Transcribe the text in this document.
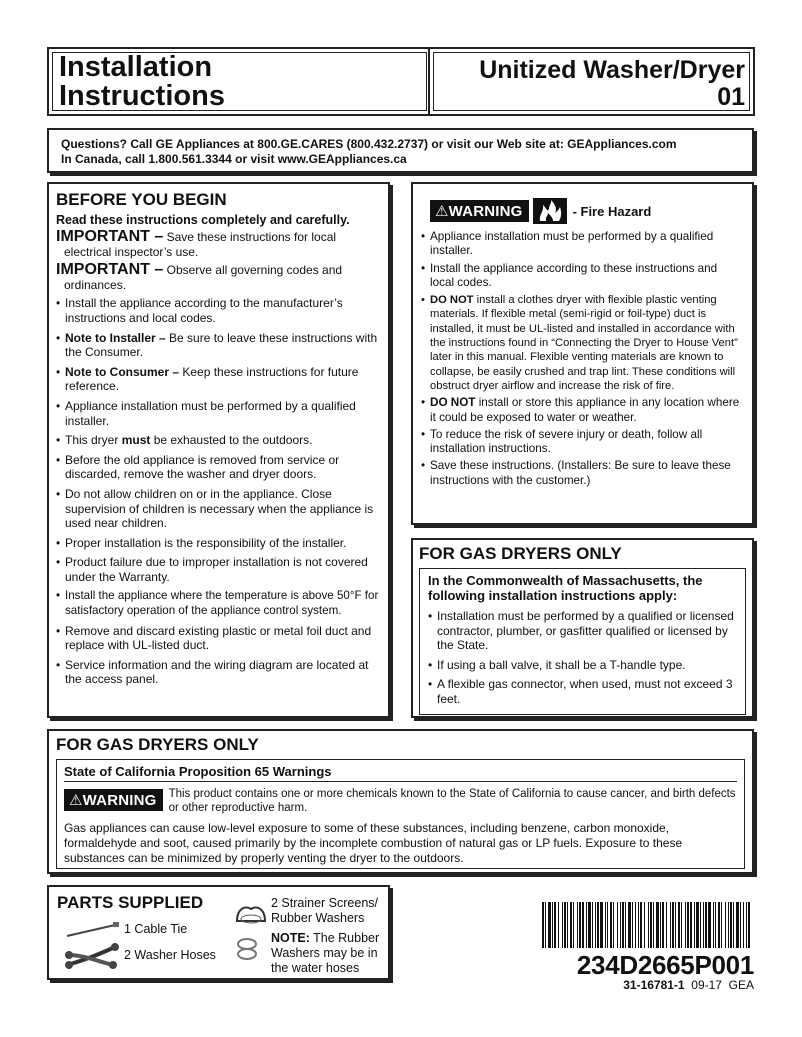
Installation
Instructions
Unitized Washer/Dryer
01
Questions? Call GE Appliances at 800.GE.CARES (800.432.2737) or visit our Web site at: GEAppliances.com
In Canada, call 1.800.561.3344 or visit www.GEAppliances.ca
BEFORE YOU BEGIN
Read these instructions completely and carefully.
IMPORTANT – Save these instructions for local electrical inspector’s use.
IMPORTANT – Observe all governing codes and ordinances.
• Install the appliance according to the manufacturer’s instructions and local codes.
• Note to Installer – Be sure to leave these instructions with the Consumer.
• Note to Consumer – Keep these instructions for future reference.
• Appliance installation must be performed by a qualified installer.
• This dryer must be exhausted to the outdoors.
• Before the old appliance is removed from service or discarded, remove the washer and dryer doors.
• Do not allow children on or in the appliance. Close supervision of children is necessary when the appliance is used near children.
• Proper installation is the responsibility of the installer.
• Product failure due to improper installation is not covered under the Warranty.
• Install the appliance where the temperature is above 50°F for satisfactory operation of the appliance control system.
• Remove and discard existing plastic or metal foil duct and replace with UL-listed duct.
• Service information and the wiring diagram are located at the access panel.
⚠WARNING	- Fire Hazard
• Appliance installation must be performed by a qualified installer.
• Install the appliance according to these instructions and local codes.
• DO NOT install a clothes dryer with flexible plastic venting materials. If flexible metal (semi-rigid or foil-type) duct is installed, it must be UL-listed and installed in accordance with the instructions found in “Connecting the Dryer to House Vent” later in this manual. Flexible venting materials are known to collapse, be easily crushed and trap lint. These conditions will obstruct dryer airflow and increase the risk of fire.
• DO NOT install or store this appliance in any location where it could be exposed to water or weather.
• To reduce the risk of severe injury or death, follow all installation instructions.
• Save these instructions. (Installers: Be sure to leave these instructions with the customer.)
FOR GAS DRYERS ONLY
In the Commonwealth of Massachusetts, the following installation instructions apply:
• Installation must be performed by a qualified or licensed contractor, plumber, or gasfitter qualified or licensed by the State.
• If using a ball valve, it shall be a T-handle type.
• A flexible gas connector, when used, must not exceed 3 feet.
FOR GAS DRYERS ONLY
State of California Proposition 65 Warnings
⚠WARNING	This product contains one or more chemicals known to the State of California to cause cancer, and birth defects or other reproductive harm.
Gas appliances can cause low-level exposure to some of these substances, including benzene, carbon monoxide, formaldehyde and soot, caused primarily by the incomplete combustion of natural gas or LP fuels. Exposure to these substances can be minimized by properly venting the dryer to the outdoors.
PARTS SUPPLIED
1 Cable Tie
2 Washer Hoses
2 Strainer Screens/ Rubber Washers
NOTE: The Rubber Washers may be in the water hoses	234D2665P001
31-16781-1 09-17 GEA
